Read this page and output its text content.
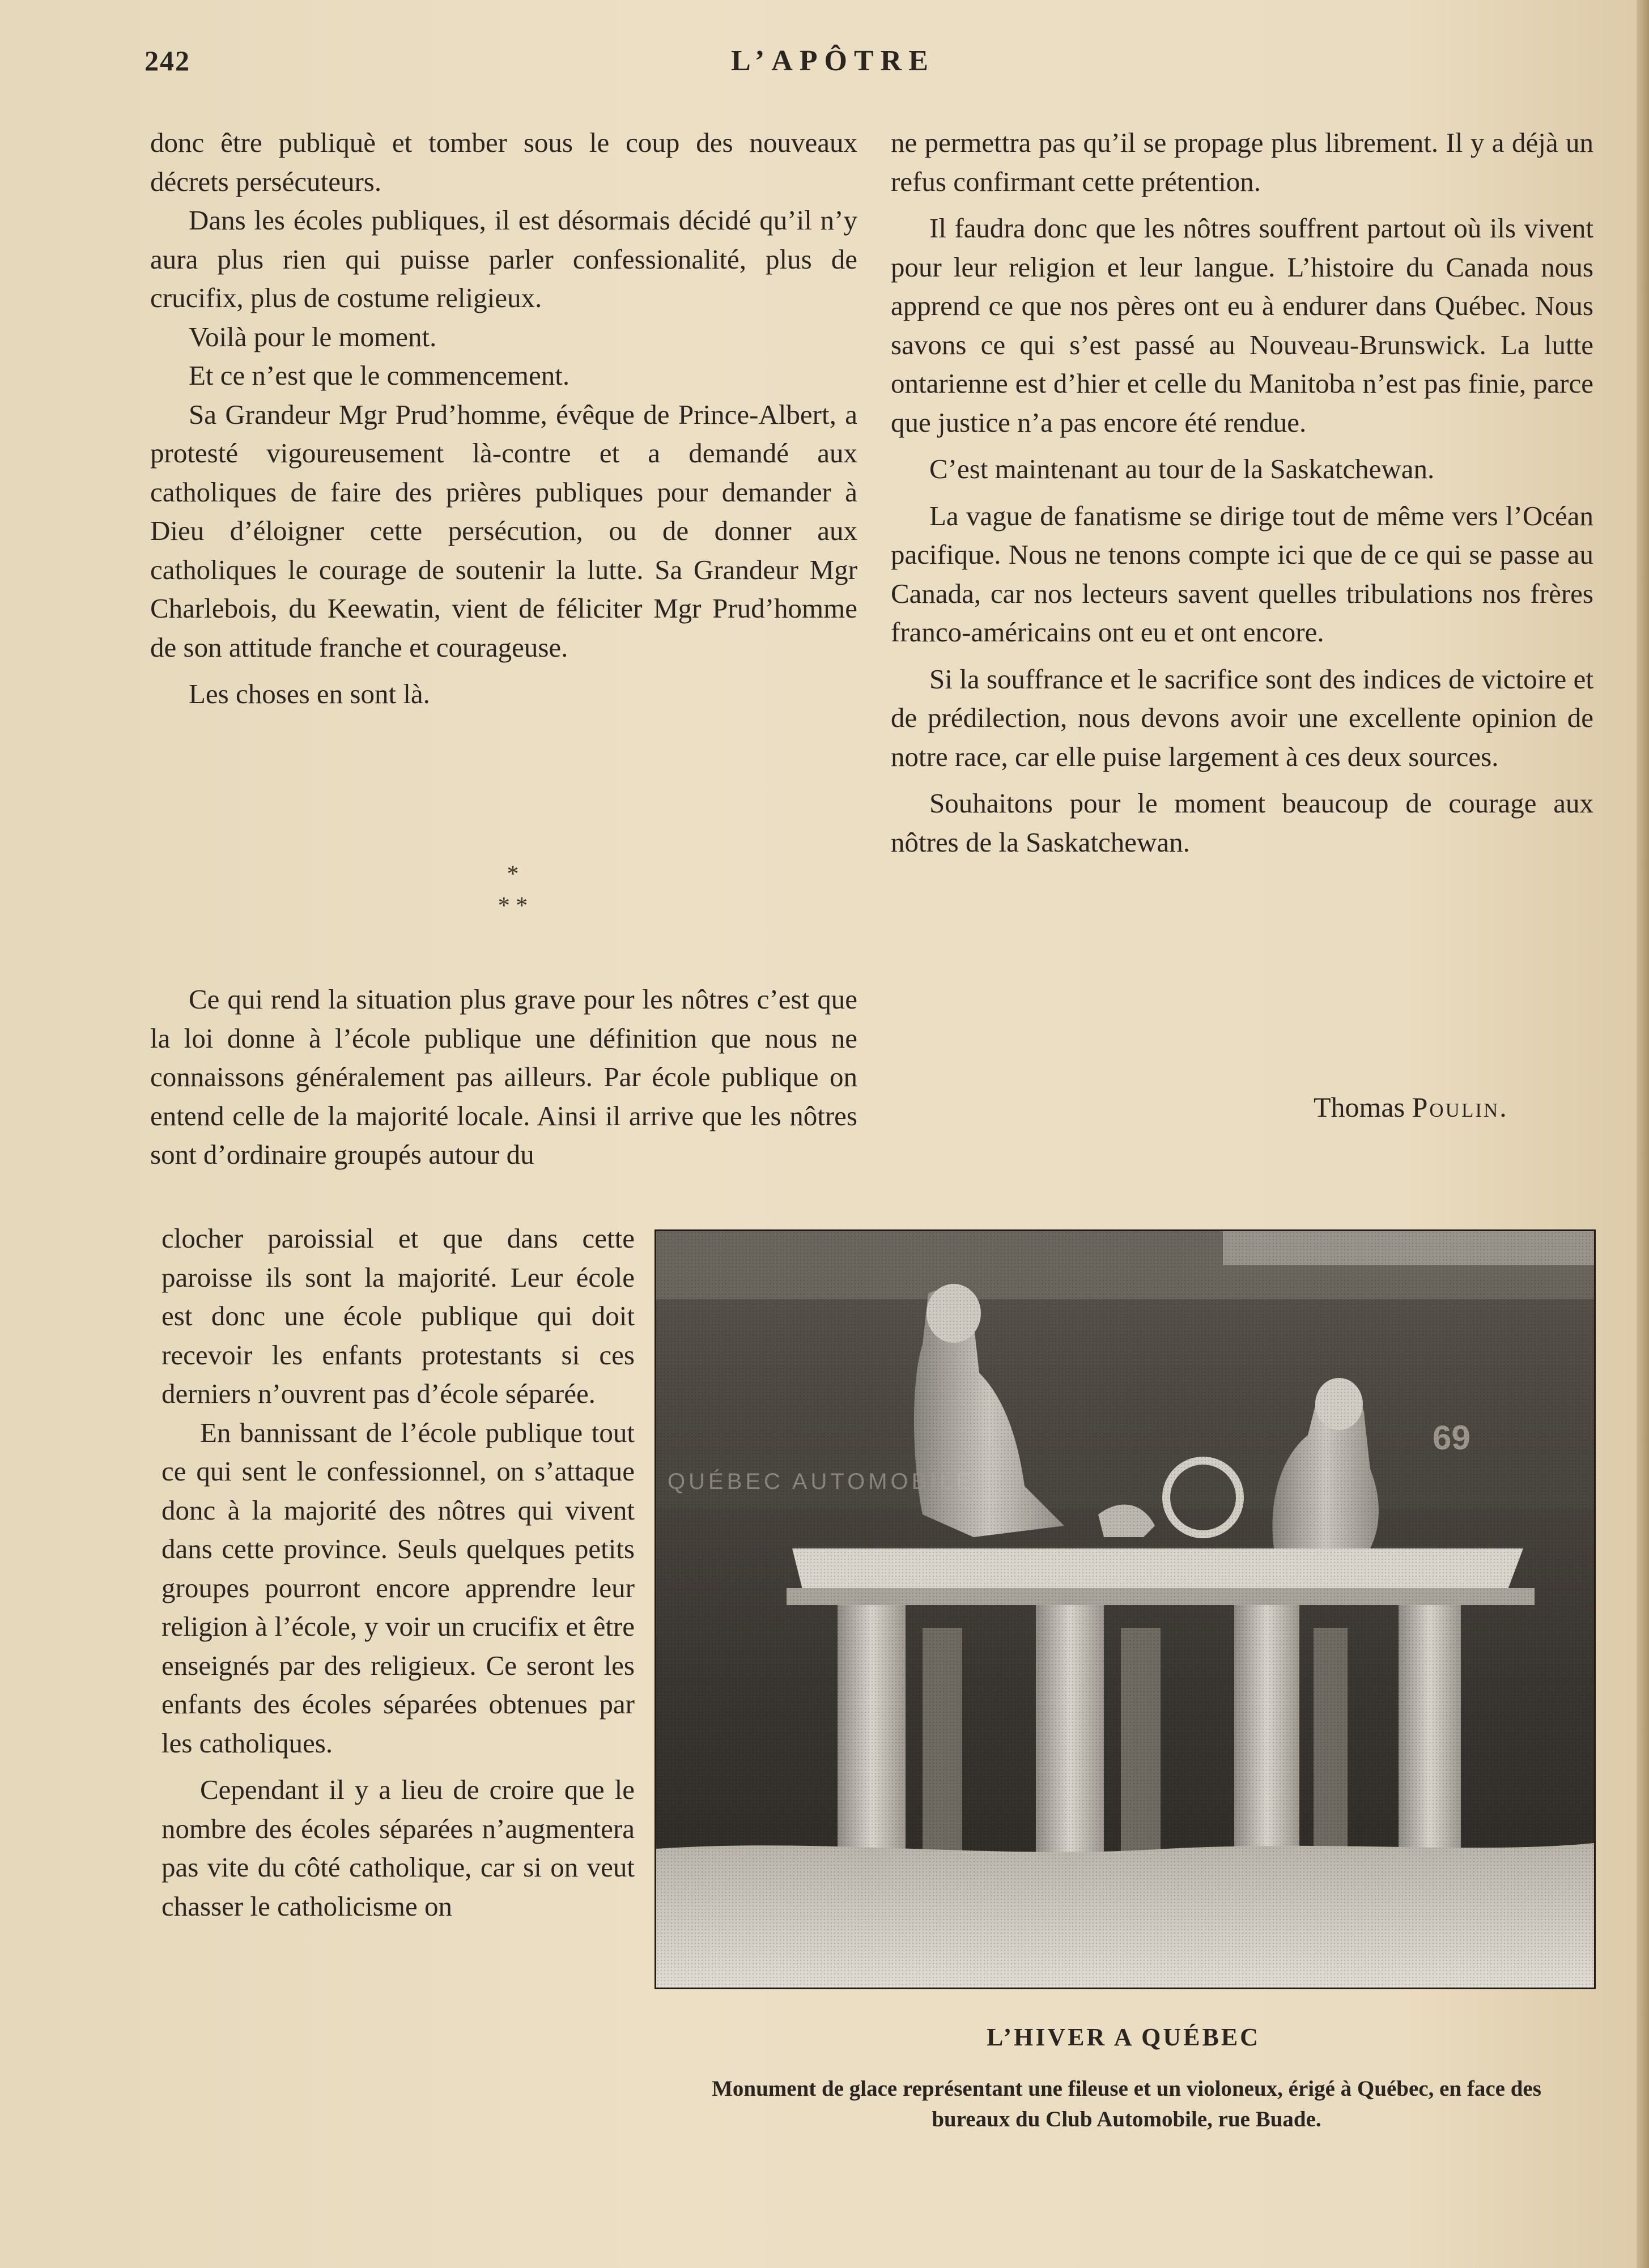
242	L’APÔTRE

donc être publiquè et tomber sous le coup des nouveaux décrets persécuteurs.

Dans les écoles publiques, il est désormais décidé qu’il n’y aura plus rien qui puisse parler confessionalité, plus de crucifix, plus de costume religieux.

Voilà pour le moment.

Et ce n’est que le commencement.

Sa Grandeur Mgr Prud’homme, évêque de Prince-Albert, a protesté vigoureusement là-contre et a demandé aux catholiques de faire des prières publiques pour demander à Dieu d’éloigner cette persécution, ou de donner aux catholiques le courage de soutenir la lutte. Sa Grandeur Mgr Charlebois, du Keewatin, vient de féliciter Mgr Prud’homme de son attitude franche et courageuse.

Les choses en sont là.

*
* *

Ce qui rend la situation plus grave pour les nôtres c’est que la loi donne à l’école publique une définition que nous ne connaissons généralement pas ailleurs. Par école publique on entend celle de la majorité locale. Ainsi il arrive que les nôtres sont d’ordinaire groupés autour du

clocher paroissial et que dans cette paroisse ils sont la majorité. Leur école est donc une école publique qui doit recevoir les enfants protestants si ces derniers n’ouvrent pas d’école séparée.

En bannissant de l’école publique tout ce qui sent le confessionnel, on s’attaque donc à la majorité des nôtres qui vivent dans cette province. Seuls quelques petits groupes pourront encore apprendre leur religion à l’école, y voir un crucifix et être enseignés par des religieux. Ce seront les enfants des écoles séparées obtenues par les catholiques.

Cependant il y a lieu de croire que le nombre des écoles séparées n’augmentera pas vite du côté catholique, car si on veut chasser le catholicisme on

ne permettra pas qu’il se propage plus librement. Il y a déjà un refus confirmant cette prétention.

Il faudra donc que les nôtres souffrent partout où ils vivent pour leur religion et leur langue. L’histoire du Canada nous apprend ce que nos pères ont eu à endurer dans Québec. Nous savons ce qui s’est passé au Nouveau-Brunswick. La lutte ontarienne est d’hier et celle du Manitoba n’est pas finie, parce que justice n’a pas encore été rendue.

C’est maintenant au tour de la Saskatchewan.

La vague de fanatisme se dirige tout de même vers l’Océan pacifique. Nous ne tenons compte ici que de ce qui se passe au Canada, car nos lecteurs savent quelles tribulations nos frères franco-américains ont eu et ont encore.

Si la souffrance et le sacrifice sont des indices de victoire et de prédilection, nous devons avoir une excellente opinion de notre race, car elle puise largement à ces deux sources.

Souhaitons pour le moment beaucoup de courage aux nôtres de la Saskatchewan.

Thomas Poulin.
L’HIVER A QUÉBEC
Monument de glace représentant une fileuse et un violoneux, érigé à Québec, en face des bureaux du Club Automobile, rue Buade.
